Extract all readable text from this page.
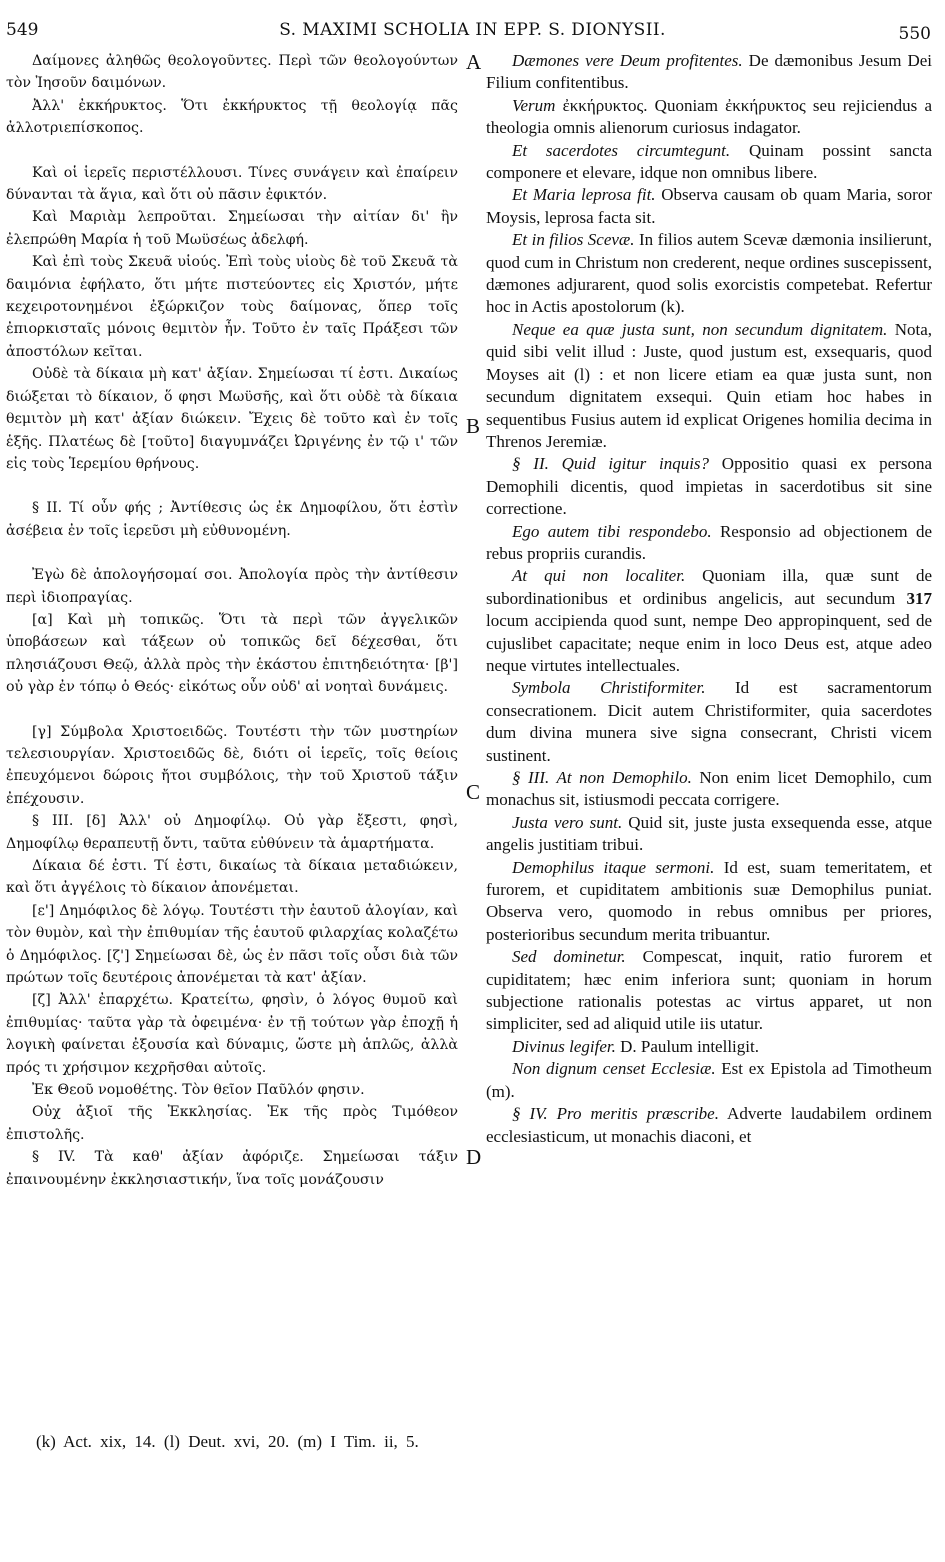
549	S. MAXIMI SCHOLIA IN EPP. S. DIONYSII.	550
A
B
C
D

Δαίμονες ἀληθῶς θεολογοῦντες. Περὶ τῶν θεολογούντων τὸν Ἰησοῦν δαιμόνων.

Ἀλλ' ἐκκήρυκτος. Ὅτι ἐκκήρυκτος τῇ θεολογίᾳ πᾶς ἀλλοτριεπίσκοπος.

Καὶ οἱ ἱερεῖς περιστέλλουσι. Τίνες συνάγειν καὶ ἐπαίρειν δύνανται τὰ ἅγια, καὶ ὅτι οὐ πᾶσιν ἐφικτόν.

Καὶ Μαριὰμ λεπροῦται. Σημείωσαι τὴν αἰτίαν δι' ἣν ἐλεπρώθη Μαρία ἡ τοῦ Μωϋσέως ἀδελφή.

Καὶ ἐπὶ τοὺς Σκευᾶ υἱούς. Ἐπὶ τοὺς υἱοὺς δὲ τοῦ Σκευᾶ τὰ δαιμόνια ἐφήλατο, ὅτι μήτε πιστεύοντες εἰς Χριστόν, μήτε κεχειροτονημένοι ἐξώρκιζον τοὺς δαίμονας, ὅπερ τοῖς ἐπιορκισταῖς μόνοις θεμιτὸν ἦν. Τοῦτο ἐν ταῖς Πράξεσι τῶν ἀποστόλων κεῖται.

Οὐδὲ τὰ δίκαια μὴ κατ' ἀξίαν. Σημείωσαι τί ἐστι. Δικαίως διώξεται τὸ δίκαιον, ὅ φησι Μωϋσῆς, καὶ ὅτι οὐδὲ τὰ δίκαια θεμιτὸν μὴ κατ' ἀξίαν διώκειν. Ἔχεις δὲ τοῦτο καὶ ἐν τοῖς ἑξῆς. Πλατέως δὲ [τοῦτο] διαγυμνάζει Ὠριγένης ἐν τῷ ι' τῶν εἰς τοὺς Ἱερεμίου θρήνους.

§ II. Τί οὖν φής ; Ἀντίθεσις ὡς ἐκ Δημοφίλου, ὅτι ἐστὶν ἀσέβεια ἐν τοῖς ἱερεῦσι μὴ εὐθυνομένη.

Ἐγὼ δὲ ἀπολογήσομαί σοι. Ἀπολογία πρὸς τὴν ἀντίθεσιν περὶ ἰδιοπραγίας.

[α] Καὶ μὴ τοπικῶς. Ὅτι τὰ περὶ τῶν ἀγγελικῶν ὑποβάσεων καὶ τάξεων οὐ τοπικῶς δεῖ δέχεσθαι, ὅτι πλησιάζουσι Θεῷ, ἀλλὰ πρὸς τὴν ἑκάστου ἐπιτηδειότητα· [β'] οὐ γὰρ ἐν τόπῳ ὁ Θεός· εἰκότως οὖν οὐδ' αἱ νοηταὶ δυνάμεις.

[γ] Σύμβολα Χριστοειδῶς. Τουτέστι τὴν τῶν μυστηρίων τελεσιουργίαν. Χριστοειδῶς δὲ, διότι οἱ ἱερεῖς, τοῖς θείοις ἐπευχόμενοι δώροις ἤτοι συμβόλοις, τὴν τοῦ Χριστοῦ τάξιν ἐπέχουσιν.

§ III. [δ] Ἀλλ' οὐ Δημοφίλῳ. Οὐ γὰρ ἔξεστι, φησὶ, Δημοφίλῳ θεραπευτῇ ὄντι, ταῦτα εὐθύνειν τὰ ἁμαρτήματα.

Δίκαια δέ ἐστι. Τί ἐστι, δικαίως τὰ δίκαια μεταδιώκειν, καὶ ὅτι ἀγγέλοις τὸ δίκαιον ἀπονέμεται.

[ε'] Δημόφιλος δὲ λόγῳ. Τουτέστι τὴν ἑαυτοῦ ἀλογίαν, καὶ τὸν θυμὸν, καὶ τὴν ἐπιθυμίαν τῆς ἑαυτοῦ φιλαρχίας κολαζέτω ὁ Δημόφιλος. [ζ'] Σημείωσαι δὲ, ὡς ἐν πᾶσι τοῖς οὖσι διὰ τῶν πρώτων τοῖς δευτέροις ἀπονέμεται τὰ κατ' ἀξίαν.

[ζ] Ἀλλ' ἐπαρχέτω. Κρατείτω, φησὶν, ὁ λόγος θυμοῦ καὶ ἐπιθυμίας· ταῦτα γὰρ τὰ ὀφειμένα· ἐν τῇ τούτων γὰρ ἐποχῇ ἡ λογικὴ φαίνεται ἐξουσία καὶ δύναμις, ὥστε μὴ ἁπλῶς, ἀλλὰ πρός τι χρήσιμον κεχρῆσθαι αὐτοῖς.

Ἐκ Θεοῦ νομοθέτης. Τὸν θεῖον Παῦλόν φησιν.

Οὐχ ἀξιοῖ τῆς Ἐκκλησίας. Ἐκ τῆς πρὸς Τιμόθεον ἐπιστολῆς.

§ IV. Τὰ καθ' ἀξίαν ἀφόριζε. Σημείωσαι τάξιν ἐπαινουμένην ἐκκλησιαστικήν, ἵνα τοῖς μονάζουσιν

Dæmones vere Deum profitentes. De dæmonibus Jesum Dei Filium confitentibus.

Verum ἐκκήρυκτος. Quoniam ἐκκήρυκτος seu rejiciendus a theologia omnis alienorum curiosus indagator.

Et sacerdotes circumtegunt. Quinam possint sancta componere et elevare, idque non omnibus libere.

Et Maria leprosa fit. Observa causam ob quam Maria, soror Moysis, leprosa facta sit.

Et in filios Scevæ. In filios autem Scevæ dæmonia insilierunt, quod cum in Christum non crederent, neque ordines suscepissent, dæmones adjurarent, quod solis exorcistis competebat. Refertur hoc in Actis apostolorum (k).

Neque ea quæ justa sunt, non secundum dignitatem. Nota, quid sibi velit illud : Juste, quod justum est, exsequaris, quod Moyses ait (l) : et non licere etiam ea quæ justa sunt, non secundum dignitatem exsequi. Quin etiam hoc habes in sequentibus Fusius autem id explicat Origenes homilia decima in Threnos Jeremiæ.

§ II. Quid igitur inquis? Oppositio quasi ex persona Demophili dicentis, quod impietas in sacerdotibus sit sine correctione.

Ego autem tibi respondebo. Responsio ad objectionem de rebus propriis curandis.

At qui non localiter. Quoniam illa, quæ sunt de subordinationibus et ordinibus angelicis, aut secundum 317 locum accipienda quod sunt, nempe Deo appropinquent, sed de cujuslibet capacitate; neque enim in loco Deus est, atque adeo neque virtutes intellectuales.

Symbola Christiformiter. Id est sacramentorum consecrationem. Dicit autem Christiformiter, quia sacerdotes dum divina munera sive signa consecrant, Christi vicem sustinent.

§ III. At non Demophilo. Non enim licet Demophilo, cum monachus sit, istiusmodi peccata corrigere.

Justa vero sunt. Quid sit, juste justa exsequenda esse, atque angelis justitiam tribui.

Demophilus itaque sermoni. Id est, suam temeritatem, et furorem, et cupiditatem ambitionis suæ Demophilus puniat. Observa vero, quomodo in rebus omnibus per priores, posterioribus secundum merita tribuantur.

Sed dominetur. Compescat, inquit, ratio furorem et cupiditatem; hæc enim inferiora sunt; quoniam in horum subjectione rationalis potestas ac virtus apparet, ut non simpliciter, sed ad aliquid utile iis utatur.

Divinus legifer. D. Paulum intelligit.

Non dignum censet Ecclesiæ. Est ex Epistola ad Timotheum (m).

§ IV. Pro meritis præscribe. Adverte laudabilem ordinem ecclesiasticum, ut monachis diaconi, et

(k) Act. xix, 14. (l) Deut. xvi, 20. (m) I Tim. ii, 5.
